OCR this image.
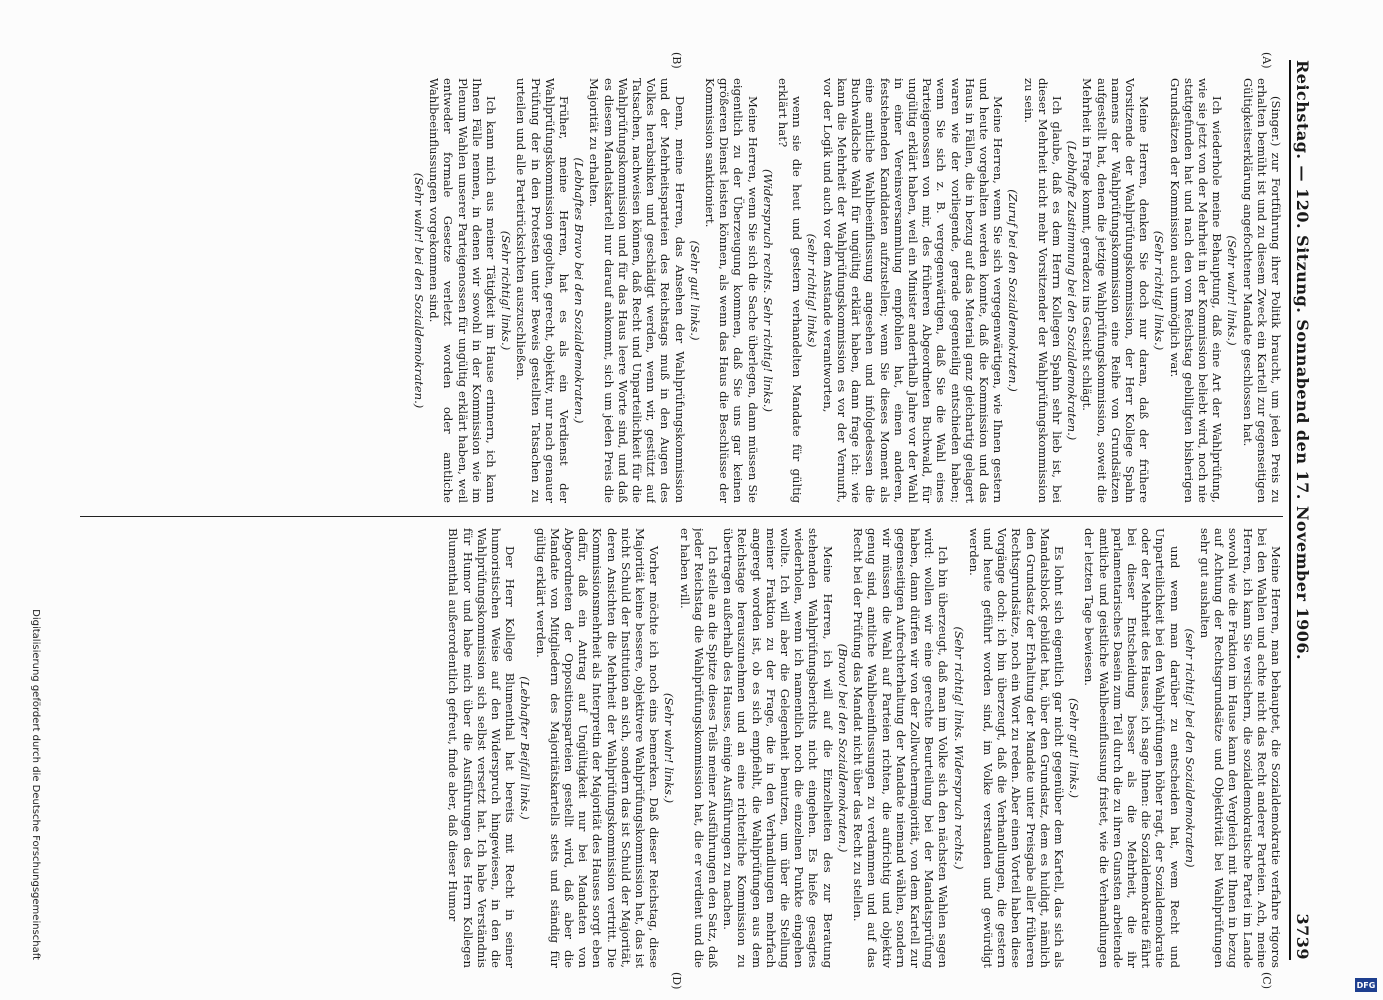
Reichstag. — 120. Sitzung. Sonnabend den 17. November 1906.
3739
(A)
(B)
(C)
(D)

(Singer.) zur Fortführung ihrer Politik braucht, um jeden Preis zu erhalten bemüht ist und zu diesem Zweck ein Kartell zur gegenseitigen Gültigkeitserklärung angefochtener Mandate geschlossen hat.

(Sehr wahr! links.)

Ich wiederhole meine Behauptung, daß eine Art der Wahlprüfung, wie sie jetzt von der Mehrheit in der Kommission beliebt wird, noch nie stattgefunden hat und nach den vom Reichstag gebilligten bisherigen Grundsätzen der Kommission auch unmöglich war.

(Sehr richtig! links.)

Meine Herren, denken Sie doch nur daran, daß der frühere Vorsitzende der Wahlprüfungskommission, der Herr Kollege Spahn namens der Wahlprüfungskommission eine Reihe von Grundsätzen aufgestellt hat, denen die jetzige Wahlprüfungskommission, soweit die Mehrheit in Frage kommt, geradezu ins Gesicht schlägt.

(Lebhafte Zustimmung bei den Sozialdemokraten.)

Ich glaube, daß es dem Herrn Kollegen Spahn sehr lieb ist, bei dieser Mehrheit nicht mehr Vorsitzender der Wahlprüfungskommission zu sein.

(Zuruf bei den Sozialdemokraten.)

Meine Herren, wenn Sie sich vergegenwärtigen, wie Ihnen gestern und heute vorgehalten werden konnte, daß die Kommission und das Haus in Fällen, die in bezug auf das Material ganz gleichartig gelagert waren wie der vorliegende, gerade gegenteilig entschieden haben; wenn Sie sich z. B. vergegenwärtigen, daß Sie die Wahl eines Parteigenossen von mir, des früheren Abgeordneten Buchwald, für ungültig erklärt haben, weil ein Minister anderthalb Jahre vor der Wahl in einer Vereinsversammlung empfohlen hat, einen anderen, feststehenden Kandidaten aufzustellen; wenn Sie dieses Moment als eine amtliche Wahlbeeinflussung angesehen und infolgedessen die Buchwaldsche Wahl für ungültig erklärt haben, dann frage ich: wie kann die Mehrheit der Wahlprüfungskommission es vor der Vernunft, vor der Logik und auch vor dem Anstande verantworten,

(sehr richtig! links)

wenn sie die heut und gestern verhandelten Mandate für gültig erklärt hat?

(Widerspruch rechts. Sehr richtig! links.)

Meine Herren, wenn Sie sich die Sache überlegen, dann müssen Sie eigentlich zu der Überzeugung kommen, daß Sie uns gar keinen größeren Dienst leisten können, als wenn das Haus die Beschlüsse der Kommission sanktioniert.

(Sehr gut! links.)

Denn, meine Herren, das Ansehen der Wahlprüfungskommission und der Mehrheitsparteien des Reichstags muß in den Augen des Volkes herabsinken und geschädigt werden, wenn wir, gestützt auf Tatsachen, nachweisen können, daß Recht und Unparteilichkeit für die Wahlprüfungskommission und für das Haus leere Worte sind, und daß es diesem Mandatskartell nur darauf ankommt, sich um jeden Preis die Majorität zu erhalten.

(Lebhaftes Bravo bei den Sozialdemokraten.)

Früher, meine Herren, hat es als ein Verdienst der Wahlprüfungskommission gegolten, gerecht, objektiv, nur nach genauer Prüfung der in den Protesten unter Beweis gestellten Tatsachen zu urteilen und alle Parteirücksichten auszuschließen.

(Sehr richtig! links.)

Ich kann mich aus meiner Tätigkeit im Hause erinnern, ich kann Ihnen Fälle nennen, in denen wir sowohl in der Kommission wie im Plenum Wahlen unserer Parteigenossen für ungültig erklärt haben, weil entweder formale Gesetze verletzt worden oder amtliche Wahlbeeinflussungen vorgekommen sind.

(Sehr wahr! bei den Sozialdemokraten.)

Meine Herren, man behauptet, die Sozialdemokratie verfahre rigoros bei den Wahlen und achte nicht das Recht anderer Parteien. Ach, meine Herren, ich kann Sie versichern, die sozialdemokratische Partei im Lande sowohl wie die Fraktion im Hause kann den Vergleich mit Ihnen in bezug auf Achtung der Rechtsgrundsätze und Objektivität bei Wahlprüfungen sehr gut aushalten

(sehr richtig! bei den Sozialdemokraten)

und wenn man darüber zu entscheiden hat, wem Recht und Unparteilichkeit bei den Wahlprüfungen höher ragt, der Sozialdemokratie oder der Mehrheit des Hauses, ich sage Ihnen: die Sozialdemokratie fährt bei dieser Entscheidung besser als die Mehrheit, die ihr parlamentarisches Dasein zum Teil durch die zu ihren Gunsten arbeitende amtliche und geistliche Wahlbeeinflussung fristet, wie die Verhandlungen der letzten Tage bewiesen.

(Sehr gut! links.)

Es lohnt sich eigentlich gar nicht gegenüber dem Kartell, das sich als Mandatsblock gebildet hat, über den Grundsatz, dem es huldigt, nämlich den Grundsatz der Erhaltung der Mandate unter Preisgabe aller früheren Rechtsgrundsätze, noch ein Wort zu reden. Aber einen Vorteil haben diese Vorgänge doch: ich bin überzeugt, daß die Verhandlungen, die gestern und heute geführt worden sind, im Volke verstanden und gewürdigt werden.

(Sehr richtig! links. Widerspruch rechts.)

Ich bin überzeugt, daß man im Volke sich den nächsten Wahlen sagen wird: wollen wir eine gerechte Beurteilung bei der Mandatsprüfung haben, dann dürfen wir von der Zollwuchermajorität, von dem Kartell zur gegenseitigen Aufrechterhaltung der Mandate niemand wählen, sondern wir müssen die Wahl auf Parteien richten, die aufrichtig und objektiv genug sind, amtliche Wahlbeeinflussungen zu verdammen und auf das Recht bei der Prüfung das Mandat nicht über das Recht zu stellen.

(Bravo! bei den Sozialdemokraten.)

Meine Herren, ich will auf die Einzelheiten des zur Beratung stehenden Wahlprüfungsberichts nicht eingehen. Es hieße gesagtes wiederholen, wenn ich namentlich noch die einzelnen Punkte eingehen wollte. Ich will aber die Gelegenheit benutzen, um über die Stellung meiner Fraktion zu der Frage, die in den Verhandlungen mehrfach angeregt worden ist, ob es sich empfiehlt, die Wahlprüfungen aus dem Reichstage herauszunehmen und an eine richterliche Kommission zu übertragen außerhalb des Hauses, einige Ausführungen zu machen.

Ich stelle an die Spitze dieses Teils meiner Ausführungen den Satz, daß jeder Reichstag die Wahlprüfungskommission hat, die er verdient und die er haben will.

(Sehr wahr! links.)

Vorher möchte ich noch eins bemerken. Daß dieser Reichstag, diese Majorität keine bessere, objektivere Wahlprüfungskommission hat, das ist nicht Schuld der Institution an sich, sondern das ist Schuld der Majorität, deren Ansichten die Mehrheit der Wahlprüfungskommission vertritt. Die Kommissionsmehrheit als Interpretin der Majorität des Hauses sorgt eben dafür, daß ein Antrag auf Ungültigkeit nur bei Mandaten von Abgeordneten der Oppositionsparteien gestellt wird, daß aber die Mandate von Mitgliedern des Majoritätskartells stets und ständig für gültig erklärt werden.

(Lebhafter Beifall links.)

Der Herr Kollege Blumenthal hat bereits mit Recht in seiner humoristischen Weise auf den Widerspruch hingewiesen, in den die Wahlprüfungskommission sich selbst versetzt hat. Ich habe Verständnis für Humor und habe mich über die Ausführungen des Herrn Kollegen Blumenthal außerordentlich gefreut, finde aber, daß dieser Humor

Digitalisierung gefördert durch die Deutsche Forschungsgemeinschaft
DFG
